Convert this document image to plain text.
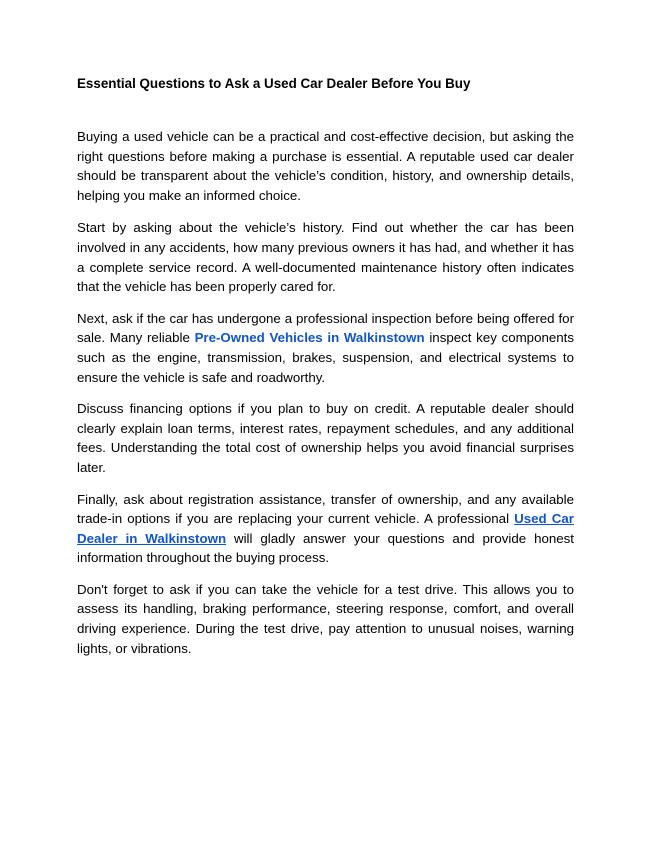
Essential Questions to Ask a Used Car Dealer Before You Buy

Buying a used vehicle can be a practical and cost-effective decision, but asking the right questions before making a purchase is essential. A reputable used car dealer should be transparent about the vehicle’s condition, history, and ownership details, helping you make an informed choice.

Start by asking about the vehicle’s history. Find out whether the car has been involved in any accidents, how many previous owners it has had, and whether it has a complete service record. A well-documented maintenance history often indicates that the vehicle has been properly cared for.

Next, ask if the car has undergone a professional inspection before being offered for sale. Many reliable Pre-Owned Vehicles in Walkinstown inspect key components such as the engine, transmission, brakes, suspension, and electrical systems to ensure the vehicle is safe and roadworthy.

Discuss financing options if you plan to buy on credit. A reputable dealer should clearly explain loan terms, interest rates, repayment schedules, and any additional fees. Understanding the total cost of ownership helps you avoid financial surprises later.

Finally, ask about registration assistance, transfer of ownership, and any available trade-in options if you are replacing your current vehicle. A professional Used Car Dealer in Walkinstown will gladly answer your questions and provide honest information throughout the buying process.

Don't forget to ask if you can take the vehicle for a test drive. This allows you to assess its handling, braking performance, steering response, comfort, and overall driving experience. During the test drive, pay attention to unusual noises, warning lights, or vibrations.
